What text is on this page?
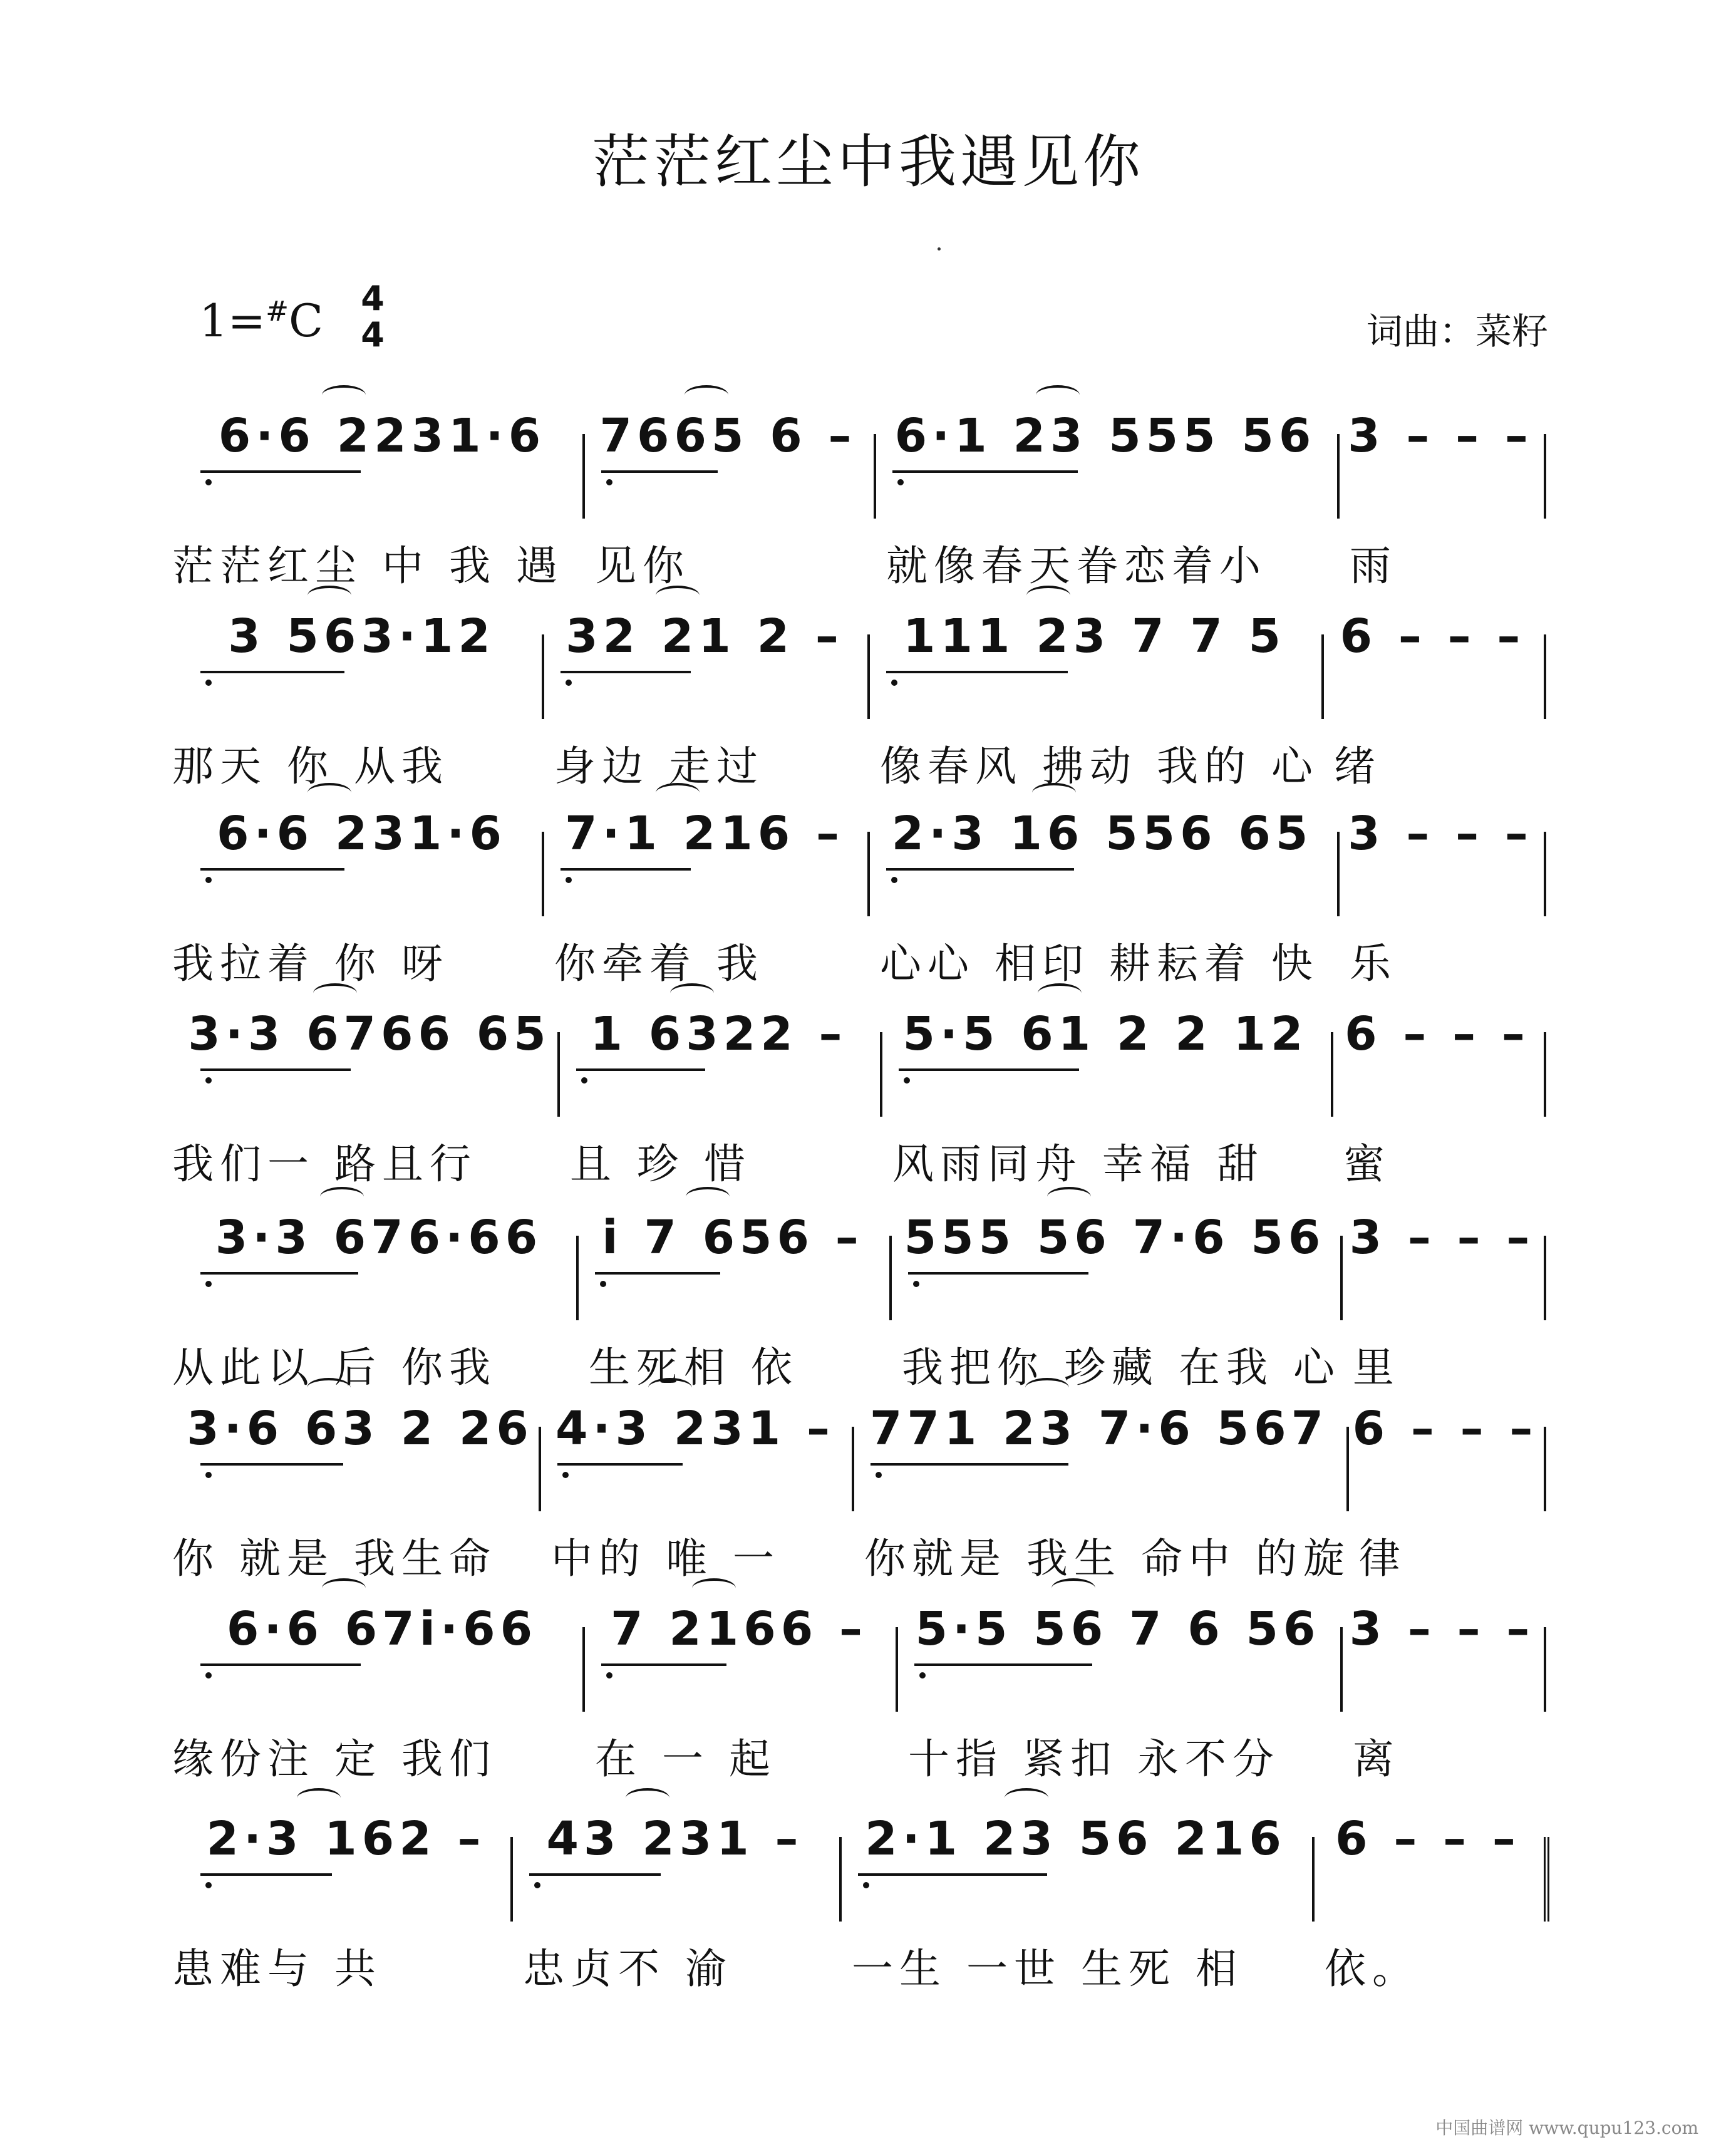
茫茫红尘中我遇见你
1=#C 4
4	词曲：菜籽
6·6 2231·6
茫茫红尘 中 我 遇
7665 6 –
见你
6·1 23 555 56
就像春天眷恋着小
3 – – –
雨
3 563·12
那天 你 从我
32 21 2 –
身边 走过
111 23 7 7 5
像春风 拂动 我的 心
6 – – –
绪
6·6 231·6
我拉着 你 呀
7·1 216 –
你牵着 我
2·3 16 556 65
心心 相印 耕耘着 快
3 – – –
乐
3·3 6766 65
我们一 路且行
1 6322 –
且 珍 惜
5·5 61 2 2 12
风雨同舟 幸福 甜
6 – – –
蜜
3·3 676·66
从此以 后 你我
i 7 656 –
生死相 依
555 56 7·6 56
我把你 珍藏 在我 心
3 – – –
里
3·6 63 2 26
你 就是 我生命
4·3 231 –
中的 唯 一
771 23 7·6 567
你就是 我生 命中 的旋
6 – – –
律
6·6 67i·66
缘份注 定 我们
7 2166 –
在 一 起
5·5 56 7 6 56
十指 紧扣 永不分
3 – – –
离
2·3 162 –
患难与 共
43 231 –
忠贞不 渝
2·1 23 56 216
一生 一世 生死 相
6 – – –
依。
中国曲谱网 www.qupu123.com
